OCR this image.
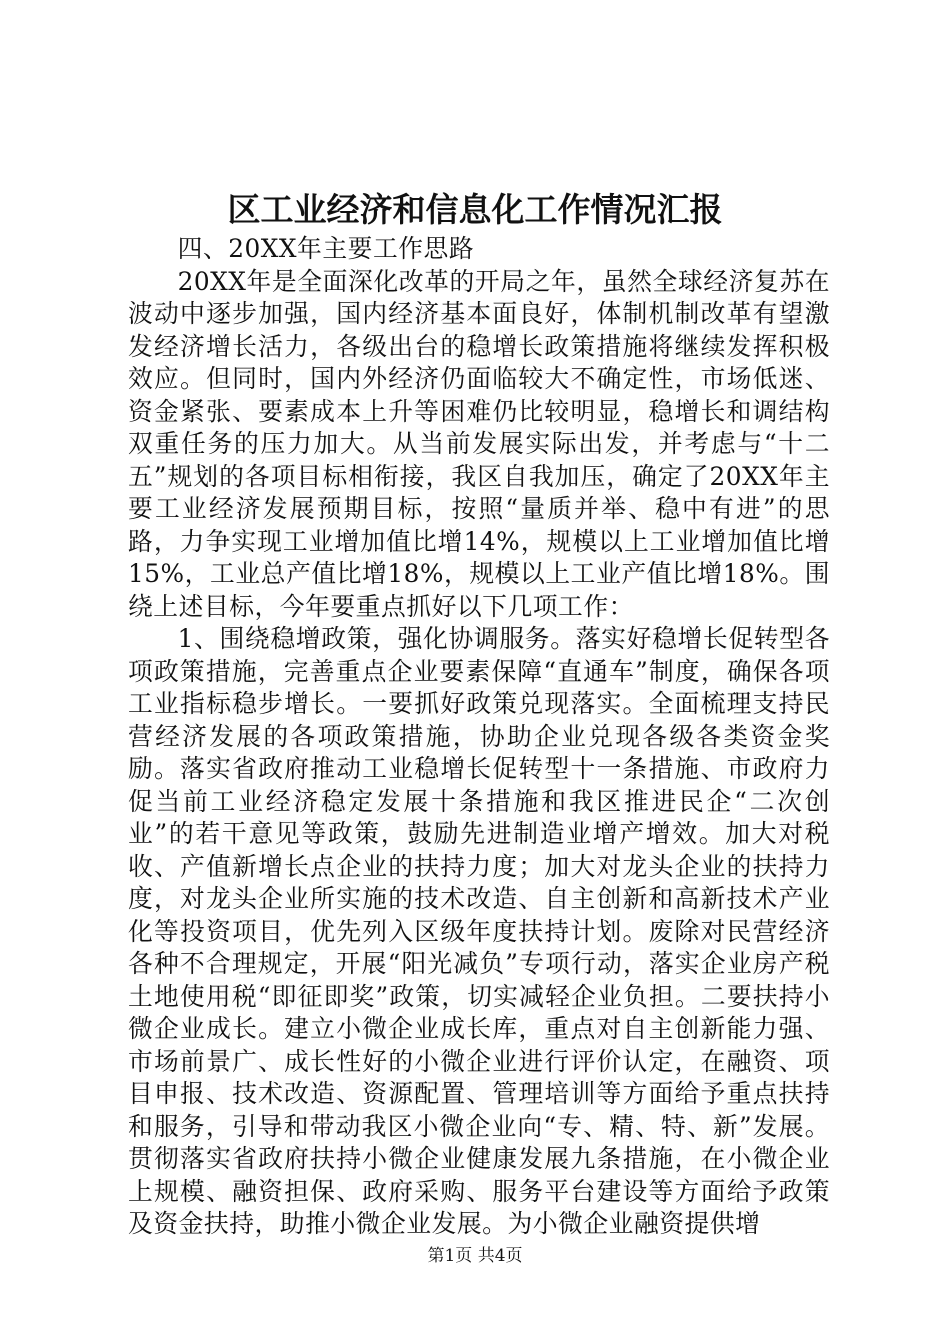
区工业经济和信息化工作情况汇报

四、20XX年主要工作思路

20XX年是全面深化改革的开局之年，虽然全球经济复苏在波动中逐步加强，国内经济基本面良好，体制机制改革有望激发经济增长活力，各级出台的稳增长政策措施将继续发挥积极效应。但同时，国内外经济仍面临较大不确定性，市场低迷、资金紧张、要素成本上升等困难仍比较明显，稳增长和调结构双重任务的压力加大。从当前发展实际出发，并考虑与“十二五”规划的各项目标相衔接，我区自我加压，确定了20XX年主要工业经济发展预期目标，按照“量质并举、稳中有进”的思路，力争实现工业增加值比增14%，规模以上工业增加值比增15%，工业总产值比增18%，规模以上工业产值比增18%。围绕上述目标，今年要重点抓好以下几项工作：

1、围绕稳增政策，强化协调服务。落实好稳增长促转型各项政策措施，完善重点企业要素保障“直通车”制度，确保各项工业指标稳步增长。一要抓好政策兑现落实。全面梳理支持民营经济发展的各项政策措施，协助企业兑现各级各类资金奖励。落实省政府推动工业稳增长促转型十一条措施、市政府力促当前工业经济稳定发展十条措施和我区推进民企“二次创业”的若干意见等政策，鼓励先进制造业增产增效。加大对税收、产值新增长点企业的扶持力度；加大对龙头企业的扶持力度，对龙头企业所实施的技术改造、自主创新和高新技术产业化等投资项目，优先列入区级年度扶持计划。废除对民营经济各种不合理规定，开展“阳光减负”专项行动，落实企业房产税土地使用税“即征即奖”政策，切实减轻企业负担。二要扶持小微企业成长。建立小微企业成长库，重点对自主创新能力强、市场前景广、成长性好的小微企业进行评价认定，在融资、项目申报、技术改造、资源配置、管理培训等方面给予重点扶持和服务，引导和带动我区小微企业向“专、精、特、新”发展。贯彻落实省政府扶持小微企业健康发展九条措施，在小微企业上规模、融资担保、政府采购、服务平台建设等方面给予政策及资金扶持，助推小微企业发展。为小微企业融资提供增

第1页 共4页
